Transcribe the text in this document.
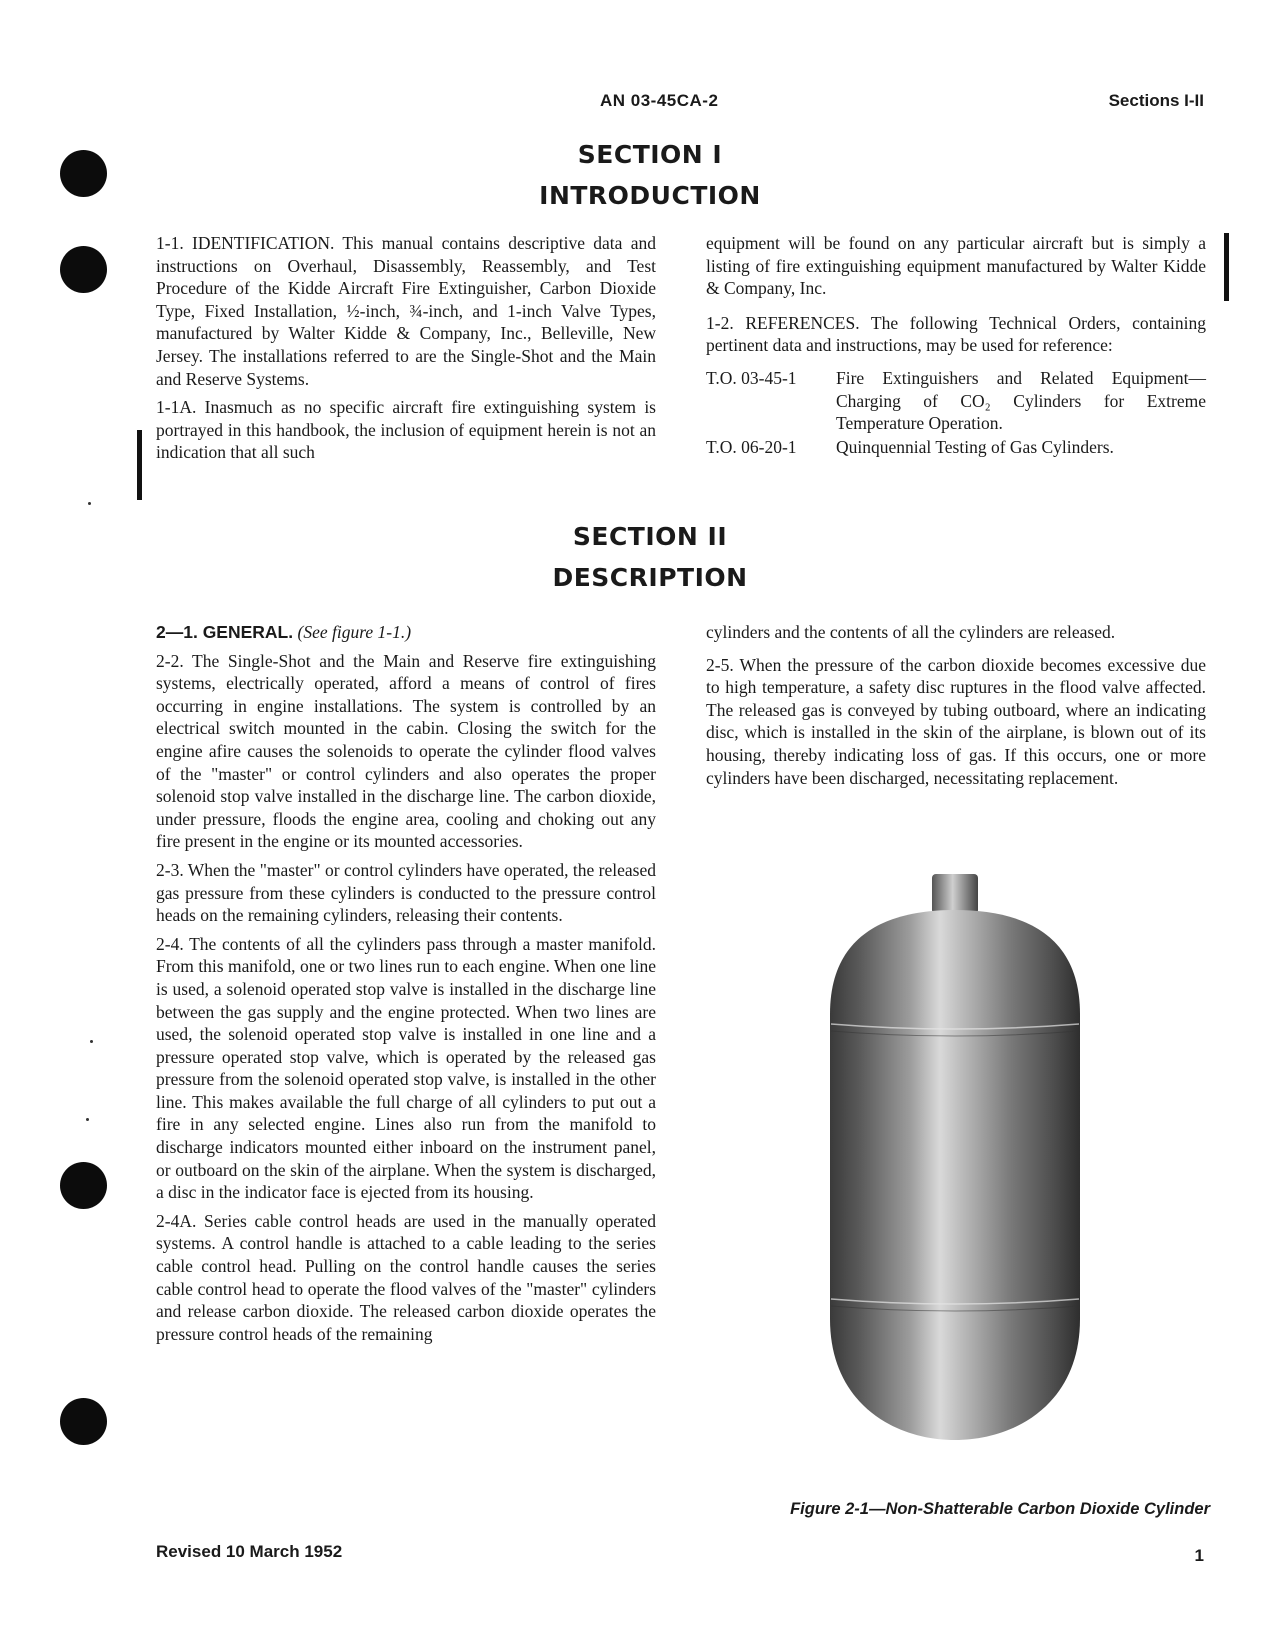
AN 03-45CA-2	Sections I-II
SECTION I
INTRODUCTION

1-1. IDENTIFICATION. This manual contains descriptive data and instructions on Overhaul, Disassembly, Reassembly, and Test Procedure of the Kidde Aircraft Fire Extinguisher, Carbon Dioxide Type, Fixed Installation, ½-inch, ¾-inch, and 1-inch Valve Types, manufactured by Walter Kidde & Company, Inc., Belleville, New Jersey. The installations referred to are the Single-Shot and the Main and Reserve Systems.

1-1A. Inasmuch as no specific aircraft fire extinguishing system is portrayed in this handbook, the inclusion of equipment herein is not an indication that all such

equipment will be found on any particular aircraft but is simply a listing of fire extinguishing equipment manufactured by Walter Kidde & Company, Inc.

1-2. REFERENCES. The following Technical Orders, containing pertinent data and instructions, may be used for reference:

T.O. 03-45-1	Fire Extinguishers and Related Equipment—Charging of CO₂ Cylinders for Extreme Temperature Operation.
T.O. 06-20-1	Quinquennial Testing of Gas Cylinders.
SECTION II
DESCRIPTION

2—1. GENERAL. (See figure 1-1.)

2-2. The Single-Shot and the Main and Reserve fire extinguishing systems, electrically operated, afford a means of control of fires occurring in engine installations. The system is controlled by an electrical switch mounted in the cabin. Closing the switch for the engine afire causes the solenoids to operate the cylinder flood valves of the "master" or control cylinders and also operates the proper solenoid stop valve installed in the discharge line. The carbon dioxide, under pressure, floods the engine area, cooling and choking out any fire present in the engine or its mounted accessories.

2-3. When the "master" or control cylinders have operated, the released gas pressure from these cylinders is conducted to the pressure control heads on the remaining cylinders, releasing their contents.

2-4. The contents of all the cylinders pass through a master manifold. From this manifold, one or two lines run to each engine. When one line is used, a solenoid operated stop valve is installed in the discharge line between the gas supply and the engine protected. When two lines are used, the solenoid operated stop valve is installed in one line and a pressure operated stop valve, which is operated by the released gas pressure from the solenoid operated stop valve, is installed in the other line. This makes available the full charge of all cylinders to put out a fire in any selected engine. Lines also run from the manifold to discharge indicators mounted either inboard on the instrument panel, or outboard on the skin of the airplane. When the system is discharged, a disc in the indicator face is ejected from its housing.

2-4A. Series cable control heads are used in the manually operated systems. A control handle is attached to a cable leading to the series cable control head. Pulling on the control handle causes the series cable control head to operate the flood valves of the "master" cylinders and release carbon dioxide. The released carbon dioxide operates the pressure control heads of the remaining

cylinders and the contents of all the cylinders are released.

2-5. When the pressure of the carbon dioxide becomes excessive due to high temperature, a safety disc ruptures in the flood valve affected. The released gas is conveyed by tubing outboard, where an indicating disc, which is installed in the skin of the airplane, is blown out of its housing, thereby indicating loss of gas. If this occurs, one or more cylinders have been discharged, necessitating replacement.

Figure 2-1—Non-Shatterable Carbon Dioxide Cylinder
Revised 10 March 1952	1
